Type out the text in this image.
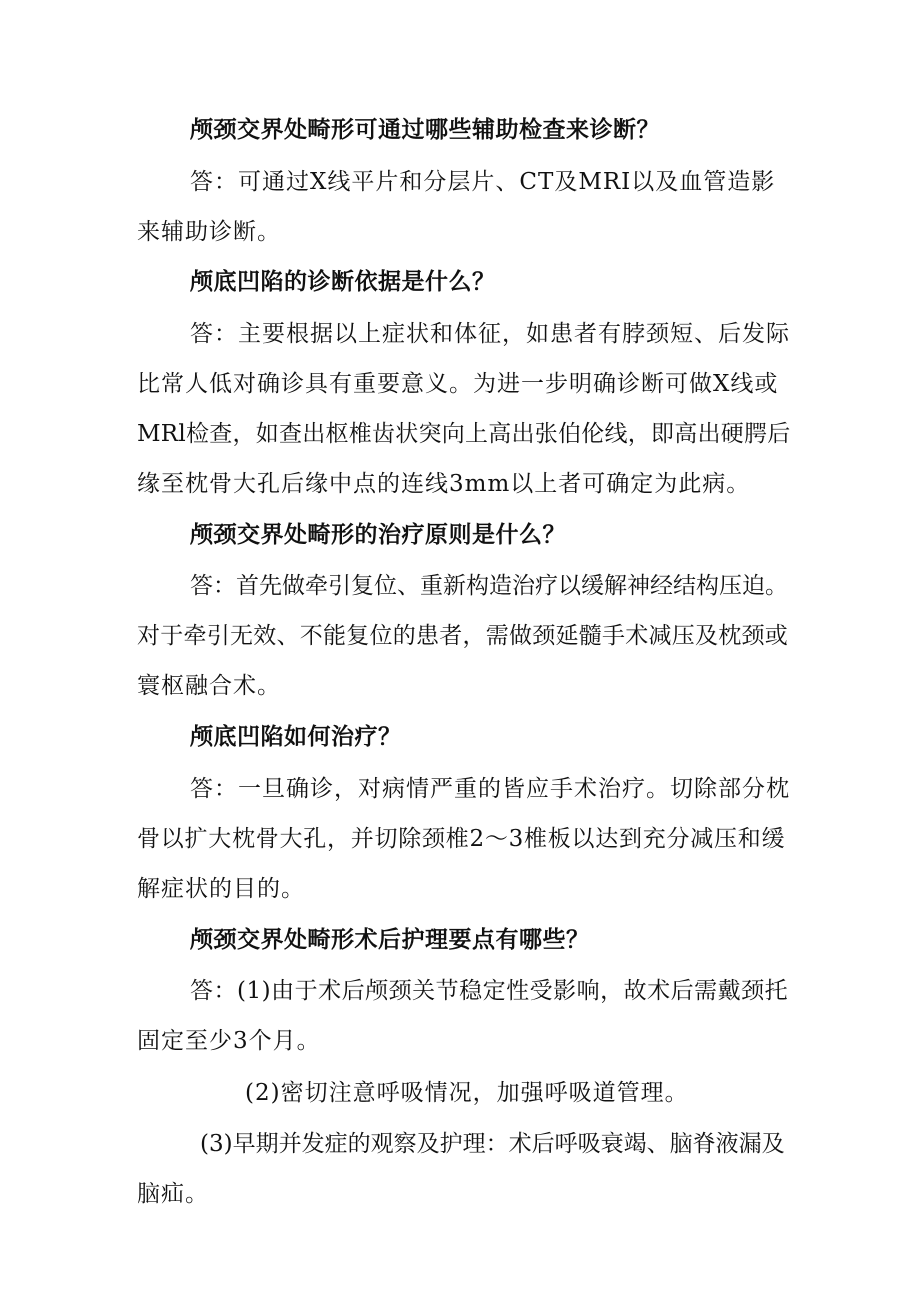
颅颈交界处畸形可通过哪些辅助检查来诊断？
答：可通过X线平片和分层片、CT及MRI以及血管造影
来辅助诊断。
颅底凹陷的诊断依据是什么？
答：主要根据以上症状和体征，如患者有脖颈短、后发际
比常人低对确诊具有重要意义。为进一步明确诊断可做X线或
MRl检查，如查出枢椎齿状突向上高出张伯伦线，即高出硬腭后
缘至枕骨大孔后缘中点的连线3mm以上者可确定为此病。
颅颈交界处畸形的治疗原则是什么？
答：首先做牵引复位、重新构造治疗以缓解神经结构压迫。
对于牵引无效、不能复位的患者，需做颈延髓手术减压及枕颈或
寰枢融合术。
颅底凹陷如何治疗？
答：一旦确诊，对病情严重的皆应手术治疗。切除部分枕
骨以扩大枕骨大孔，并切除颈椎2～3椎板以达到充分减压和缓
解症状的目的。
颅颈交界处畸形术后护理要点有哪些？
答：(1)由于术后颅颈关节稳定性受影响，故术后需戴颈托
固定至少3个月。
(2)密切注意呼吸情况，加强呼吸道管理。
(3)早期并发症的观察及护理：术后呼吸衰竭、脑脊液漏及
脑疝。
